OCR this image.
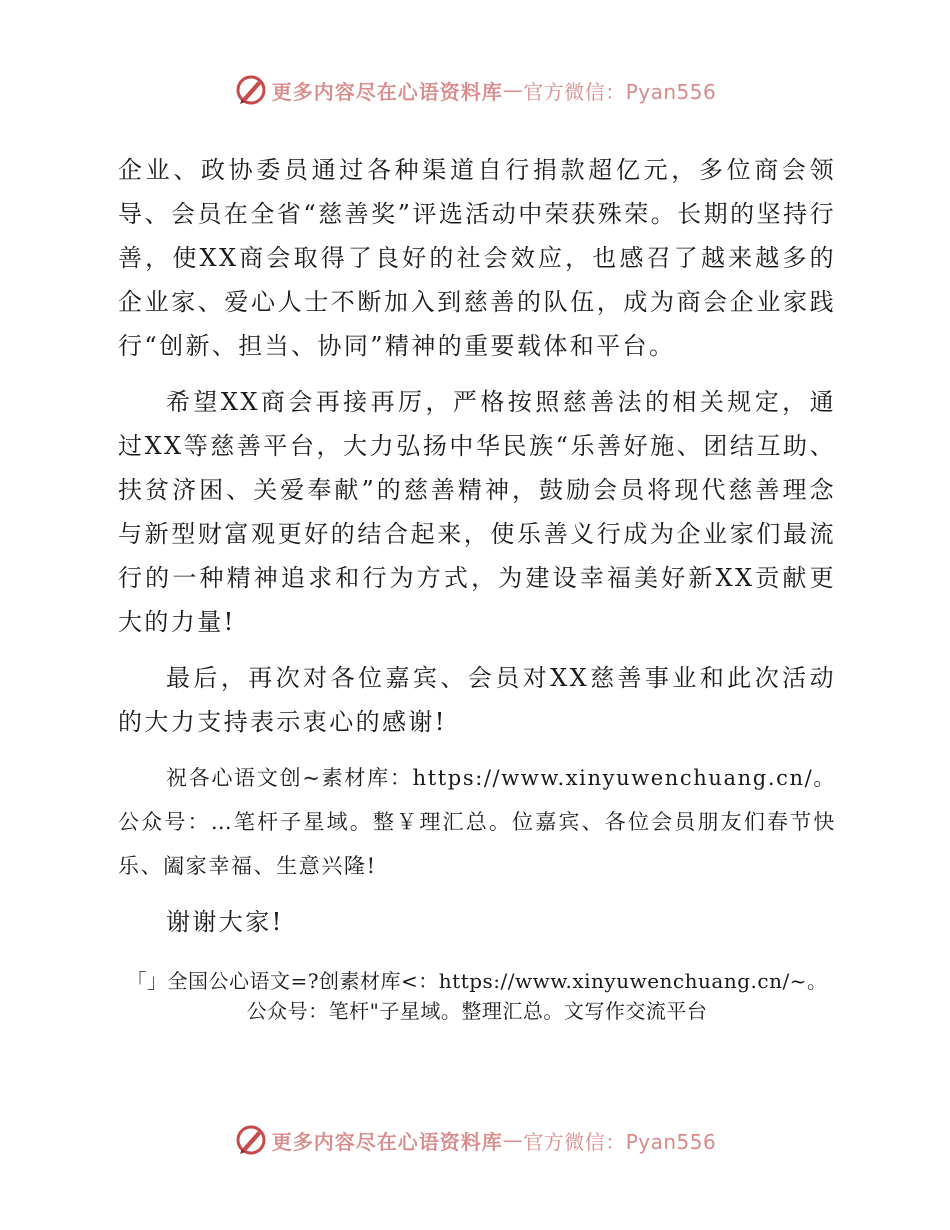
更多内容尽在心语资料库 — 官方微信：Pyan556

企业、政协委员通过各种渠道自行捐款超亿元，多位商会领导、会员在全省“慈善奖”评选活动中荣获殊荣。长期的坚持行善，使XX商会取得了良好的社会效应，也感召了越来越多的企业家、爱心人士不断加入到慈善的队伍，成为商会企业家践行“创新、担当、协同”精神的重要载体和平台。

希望XX商会再接再厉，严格按照慈善法的相关规定，通过XX等慈善平台，大力弘扬中华民族“乐善好施、团结互助、扶贫济困、关爱奉献”的慈善精神，鼓励会员将现代慈善理念与新型财富观更好的结合起来，使乐善义行成为企业家们最流行的一种精神追求和行为方式，为建设幸福美好新XX贡献更大的力量!

最后，再次对各位嘉宾、会员对XX慈善事业和此次活动的大力支持表示衷心的感谢!

祝各心语文创~素材库：https://www.xinyuwenchuang.cn/。公众号：…笔杆子星域。整￥理汇总。位嘉宾、各位会员朋友们春节快乐、阖家幸福、生意兴隆!

谢谢大家!

「」全国公心语文=?创素材库<：https://www.xinyuwenchuang.cn/~。公众号：笔杆"子星域。整理汇总。文写作交流平台
更多内容尽在心语资料库 — 官方微信：Pyan556
